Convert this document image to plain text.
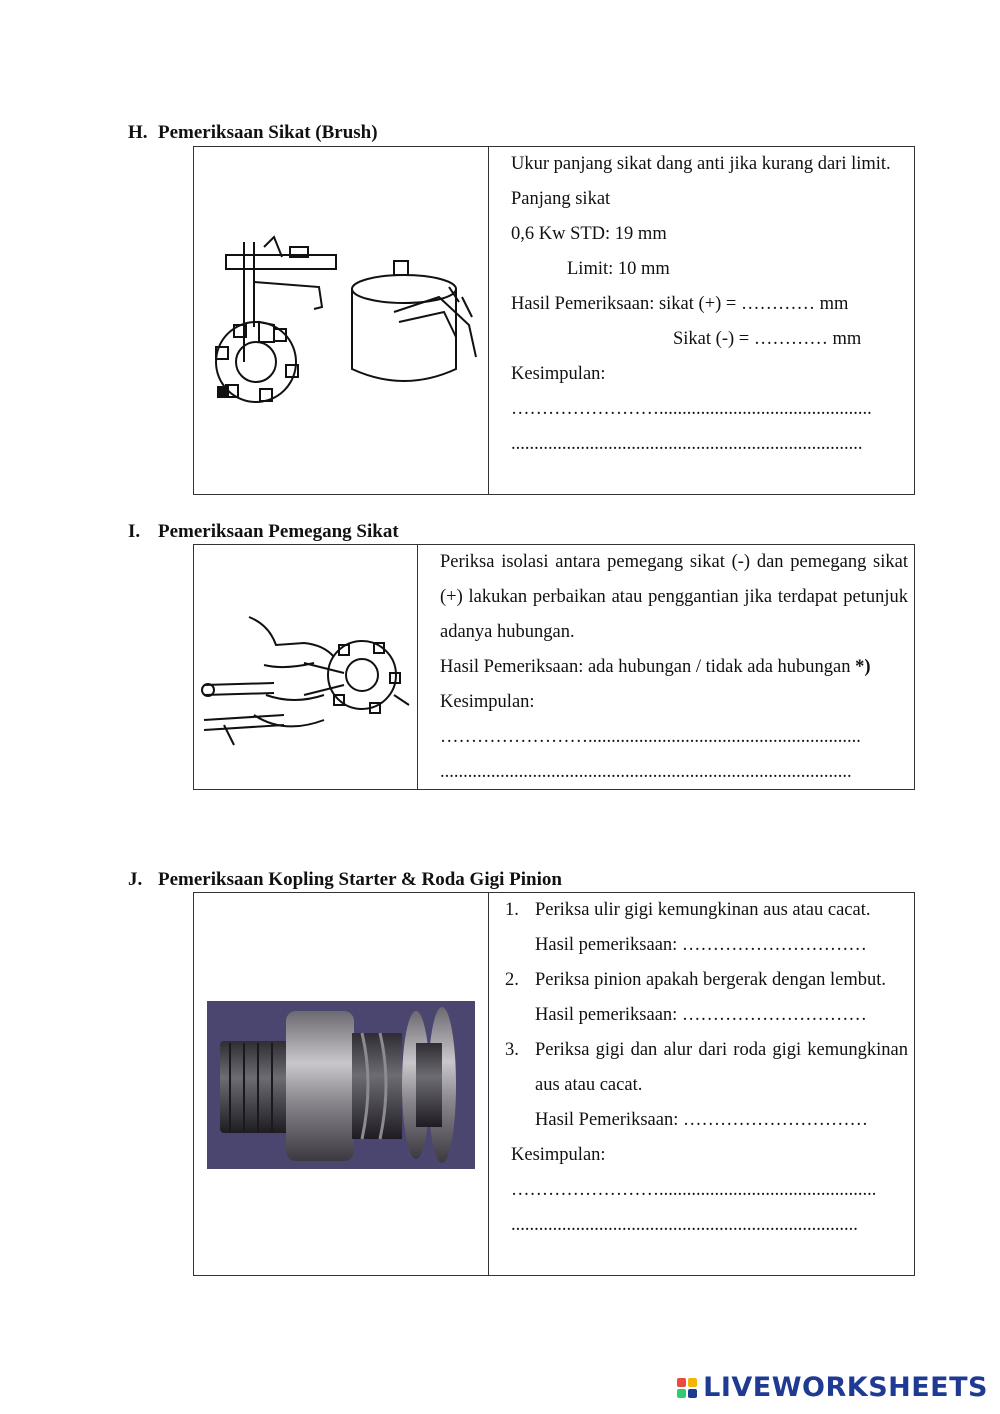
H. Pemeriksaan Sikat (Brush)
Ukur panjang sikat dang anti jika kurang dari limit.
Panjang sikat
0,6 Kw STD: 19 mm
Limit: 10 mm
Hasil Pemeriksaan: sikat (+) = ………… mm
Sikat (-) = ………… mm
Kesimpulan:
……………………..............................................
............................................................................
I. Pemeriksaan Pemegang Sikat
Periksa isolasi antara pemegang sikat (-) dan pemegang sikat (+) lakukan perbaikan atau penggantian jika terdapat petunjuk adanya hubungan.
Hasil Pemeriksaan: ada hubungan / tidak ada hubungan *)
Kesimpulan:
……………………...........................................................
.........................................................................................
J. Pemeriksaan Kopling Starter & Roda Gigi Pinion
1. Periksa ulir gigi kemungkinan aus atau cacat.
Hasil pemeriksaan: …………………………
2. Periksa pinion apakah bergerak dengan lembut.
Hasil pemeriksaan: …………………………
3. Periksa gigi dan alur dari roda gigi kemungkinan aus atau cacat.
Hasil Pemeriksaan: …………………………
Kesimpulan:
……………………...............................................
...........................................................................
LIVEWORKSHEETS
